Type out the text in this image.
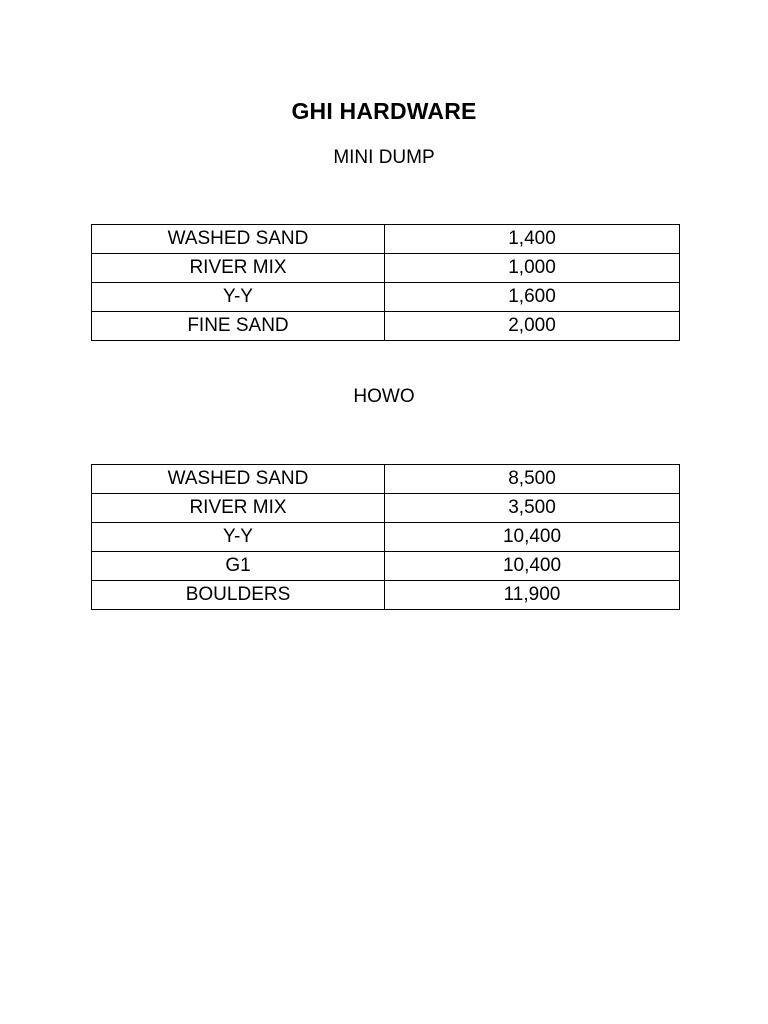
GHI HARDWARE
MINI DUMP
WASHED SAND	1,400
RIVER MIX	1,000
Y-Y	1,600
FINE SAND	2,000
HOWO
WASHED SAND	8,500
RIVER MIX	3,500
Y-Y	10,400
G1	10,400
BOULDERS	11,900
